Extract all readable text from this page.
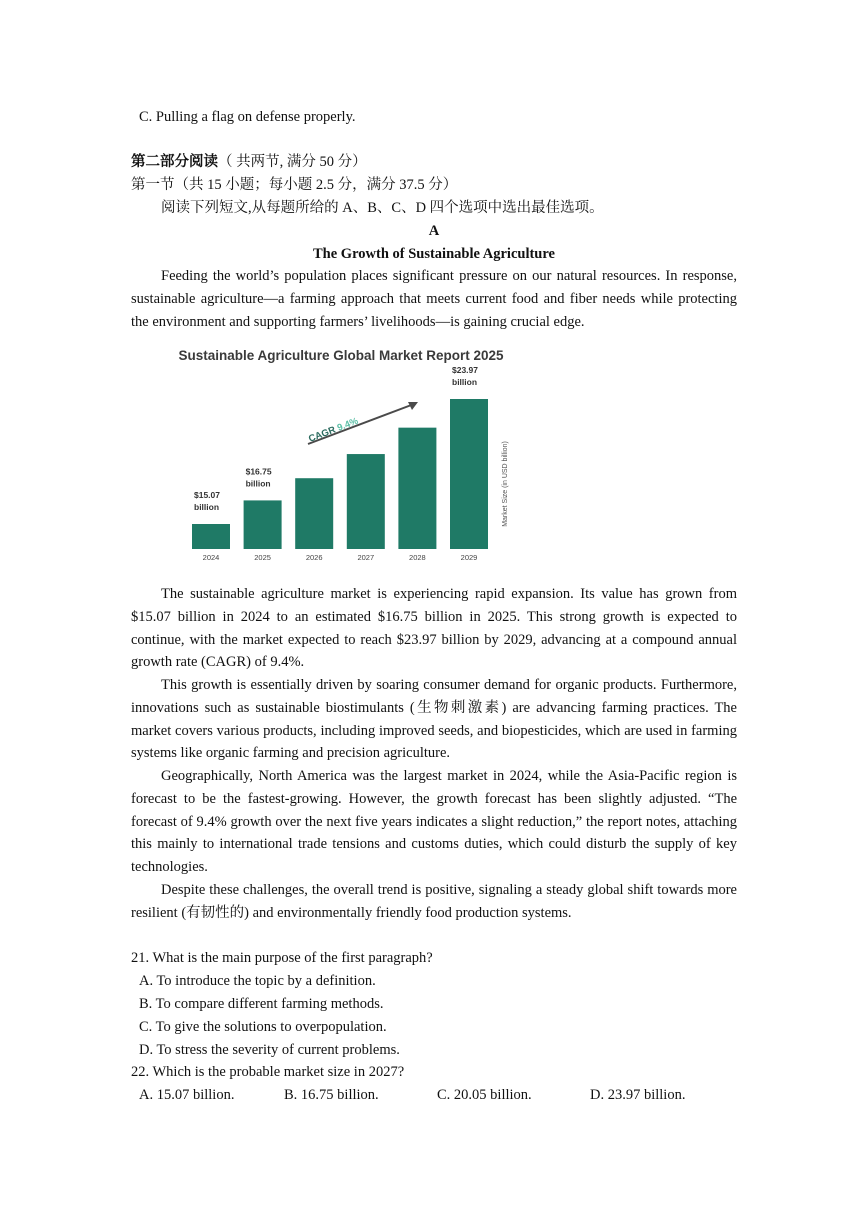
C. Pulling a flag on defense properly.
第二部分阅读（ 共两节, 满分 50 分）
第一节（共 15 小题；每小题 2.5 分，满分 37.5 分）
阅读下列短文,从每题所给的 A、B、C、D 四个选项中选出最佳选项。
A
The Growth of Sustainable Agriculture
Feeding the world’s population places significant pressure on our natural resources. In response, sustainable agriculture—a farming approach that meets current food and fiber needs while protecting the environment and supporting farmers’ livelihoods—is gaining crucial edge.
2024
$15.07
billion
2025
$16.75
billion
2026	2027	2028	2029
$23.97
billion
CAGR 9.4%
Market Size (in USD billion)
Sustainable Agriculture Global Market Report 2025
The sustainable agriculture market is experiencing rapid expansion. Its value has grown from $15.07 billion in 2024 to an estimated $16.75 billion in 2025. This strong growth is expected to continue, with the market expected to reach $23.97 billion by 2029, advancing at a compound annual growth rate (CAGR) of 9.4%.
This growth is essentially driven by soaring consumer demand for organic products. Furthermore, innovations such as sustainable biostimulants (生物刺激素) are advancing farming practices. The market covers various products, including improved seeds, and biopesticides, which are used in farming systems like organic farming and precision agriculture.
Geographically, North America was the largest market in 2024, while the Asia-Pacific region is forecast to be the fastest-growing. However, the growth forecast has been slightly adjusted. “The forecast of 9.4% growth over the next five years indicates a slight reduction,” the report notes, attaching this mainly to international trade tensions and customs duties, which could disturb the supply of key technologies.
Despite these challenges, the overall trend is positive, signaling a steady global shift towards more resilient (有韧性的) and environmentally friendly food production systems.
21. What is the main purpose of the first paragraph?
A. To introduce the topic by a definition.
B. To compare different farming methods.
C. To give the solutions to overpopulation.
D. To stress the severity of current problems.
22. Which is the probable market size in 2027?
A. 15.07 billion.	B. 16.75 billion.	C. 20.05 billion.	D. 23.97 billion.
